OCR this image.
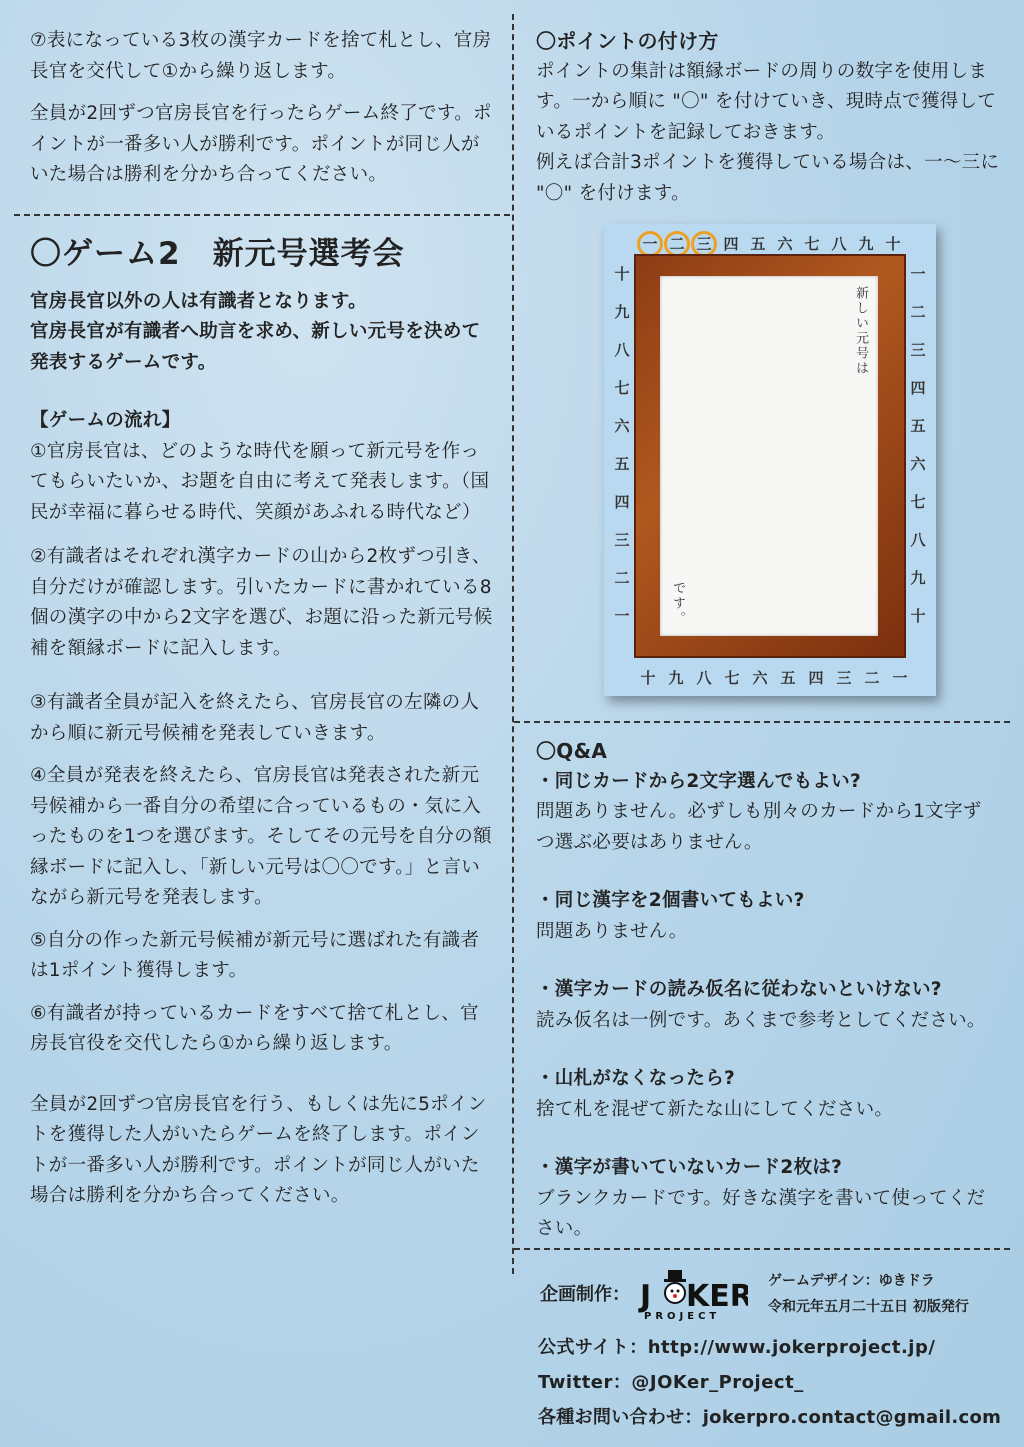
⑦表になっている3枚の漢字カードを捨て札とし、官房長官を交代して①から繰り返します。

全員が2回ずつ官房長官を行ったらゲーム終了です。ポイントが一番多い人が勝利です。ポイントが同じ人がいた場合は勝利を分かち合ってください。

〇ゲーム2　新元号選考会

官房長官以外の人は有識者となります。

官房長官が有識者へ助言を求め、新しい元号を決めて発表するゲームです。

【ゲームの流れ】

①官房長官は、どのような時代を願って新元号を作ってもらいたいか、お題を自由に考えて発表します。（国民が幸福に暮らせる時代、笑顔があふれる時代など）

②有識者はそれぞれ漢字カードの山から2枚ずつ引き、自分だけが確認します。引いたカードに書かれている8個の漢字の中から2文字を選び、お題に沿った新元号候補を額縁ボードに記入します。

③有識者全員が記入を終えたら、官房長官の左隣の人から順に新元号候補を発表していきます。

④全員が発表を終えたら、官房長官は発表された新元号候補から一番自分の希望に合っているもの・気に入ったものを1つを選びます。そしてその元号を自分の額縁ボードに記入し、「新しい元号は〇〇です。」と言いながら新元号を発表します。

⑤自分の作った新元号候補が新元号に選ばれた有識者は1ポイント獲得します。

⑥有識者が持っているカードをすべて捨て札とし、官房長官役を交代したら①から繰り返します。

全員が2回ずつ官房長官を行う、もしくは先に5ポイントを獲得した人がいたらゲームを終了します。ポイントが一番多い人が勝利です。ポイントが同じ人がいた場合は勝利を分かち合ってください。

〇ポイントの付け方

ポイントの集計は額縁ボードの周りの数字を使用します。一から順に "〇" を付けていき、現時点で獲得しているポイントを記録しておきます。

例えば合計3ポイントを獲得している場合は、一～三に "〇" を付けます。

一 二 三 四 五 六 七 八 九 十
十 九 八 七 六 五 四 三 二 一
一
二
三
四
五
六
七
八
九
十
十
九
八
七
六
五
四
三
二
一
新しい元号は
です。

〇Q&A

・同じカードから2文字選んでもよい?

問題ありません。必ずしも別々のカードから1文字ずつ選ぶ必要はありません。

・同じ漢字を2個書いてもよい?

問題ありません。

・漢字カードの読み仮名に従わないといけない?

読み仮名は一例です。あくまで参考としてください。

・山札がなくなったら?

捨て札を混ぜて新たな山にしてください。

・漢字が書いていないカード2枚は?

ブランクカードです。好きな漢字を書いて使ってください。

企画制作： J KER
PROJECT
ゲームデザイン：ゆきドラ
令和元年五月二十五日 初版発行
公式サイト：http://www.jokerproject.jp/
Twitter：@JOKer_Project_
各種お問い合わせ：jokerpro.contact@gmail.com
